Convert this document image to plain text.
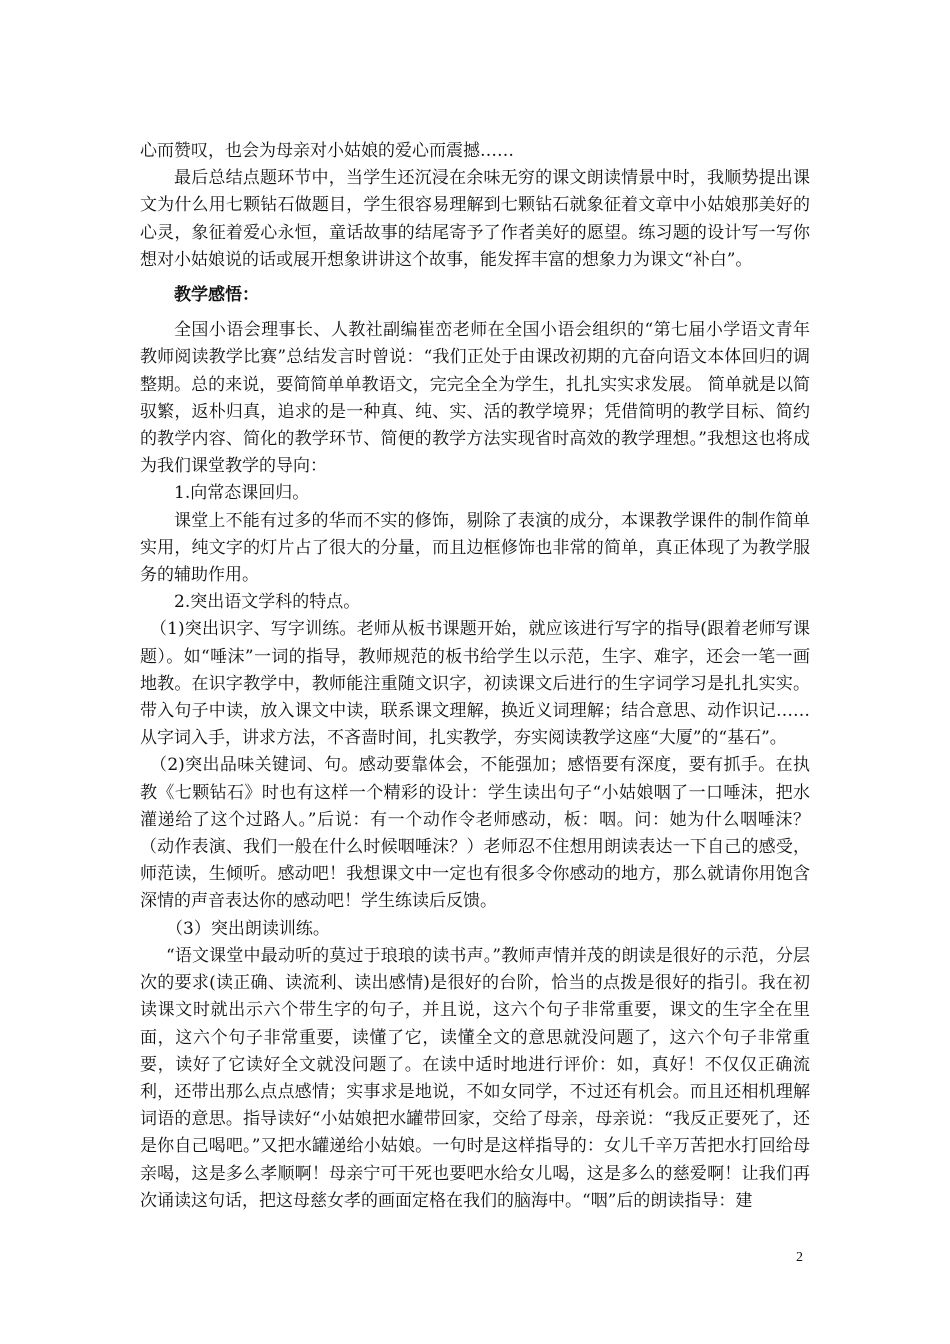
心而赞叹，也会为母亲对小姑娘的爱心而震撼……

最后总结点题环节中，当学生还沉浸在余味无穷的课文朗读情景中时，我顺势提出课文为什么用七颗钻石做题目，学生很容易理解到七颗钻石就象征着文章中小姑娘那美好的心灵，象征着爱心永恒，童话故事的结尾寄予了作者美好的愿望。练习题的设计写一写你想对小姑娘说的话或展开想象讲讲这个故事，能发挥丰富的想象力为课文“补白”。

教学感悟：

全国小语会理事长、人教社副编崔峦老师在全国小语会组织的“第七届小学语文青年教师阅读教学比赛”总结发言时曾说：“我们正处于由课改初期的亢奋向语文本体回归的调整期。总的来说，要简简单单教语文，完完全全为学生，扎扎实实求发展。 简单就是以简驭繁，返朴归真，追求的是一种真、纯、实、活的教学境界；凭借简明的教学目标、简约的教学内容、简化的教学环节、简便的教学方法实现省时高效的教学理想。”我想这也将成为我们课堂教学的导向：

1.向常态课回归。

课堂上不能有过多的华而不实的修饰，剔除了表演的成分，本课教学课件的制作简单实用，纯文字的灯片占了很大的分量，而且边框修饰也非常的简单，真正体现了为教学服务的辅助作用。

2.突出语文学科的特点。

（1)突出识字、写字训练。老师从板书课题开始，就应该进行写字的指导(跟着老师写课题）。如“唾沫”一词的指导，教师规范的板书给学生以示范，生字、难字，还会一笔一画地教。在识字教学中，教师能注重随文识字，初读课文后进行的生字词学习是扎扎实实。带入句子中读，放入课文中读，联系课文理解，换近义词理解；结合意思、动作识记……从字词入手，讲求方法，不吝啬时间，扎实教学，夯实阅读教学这座“大厦”的“基石”。

（2)突出品味关键词、句。感动要靠体会，不能强加；感悟要有深度，要有抓手。在执教《七颗钻石》时也有这样一个精彩的设计：学生读出句子“小姑娘咽了一口唾沫，把水灌递给了这个过路人。”后说：有一个动作令老师感动，板：咽。问：她为什么咽唾沫？（动作表演、我们一般在什么时候咽唾沫？）老师忍不住想用朗读表达一下自己的感受，师范读，生倾听。感动吧！我想课文中一定也有很多令你感动的地方，那么就请你用饱含深情的声音表达你的感动吧！学生练读后反馈。

（3）突出朗读训练。

“语文课堂中最动听的莫过于琅琅的读书声。”教师声情并茂的朗读是很好的示范，分层次的要求(读正确、读流利、读出感情)是很好的台阶，恰当的点拨是很好的指引。我在初读课文时就出示六个带生字的句子，并且说，这六个句子非常重要，课文的生字全在里面，这六个句子非常重要，读懂了它，读懂全文的意思就没问题了，这六个句子非常重要，读好了它读好全文就没问题了。在读中适时地进行评价：如，真好！不仅仅正确流利，还带出那么点点感情；实事求是地说，不如女同学，不过还有机会。而且还相机理解词语的意思。指导读好“小姑娘把水罐带回家，交给了母亲，母亲说：“我反正要死了，还是你自己喝吧。”又把水罐递给小姑娘。一句时是这样指导的：女儿千辛万苦把水打回给母亲喝，这是多么孝顺啊！母亲宁可干死也要吧水给女儿喝，这是多么的慈爱啊！让我们再次诵读这句话，把这母慈女孝的画面定格在我们的脑海中。“咽”后的朗读指导：建

2
